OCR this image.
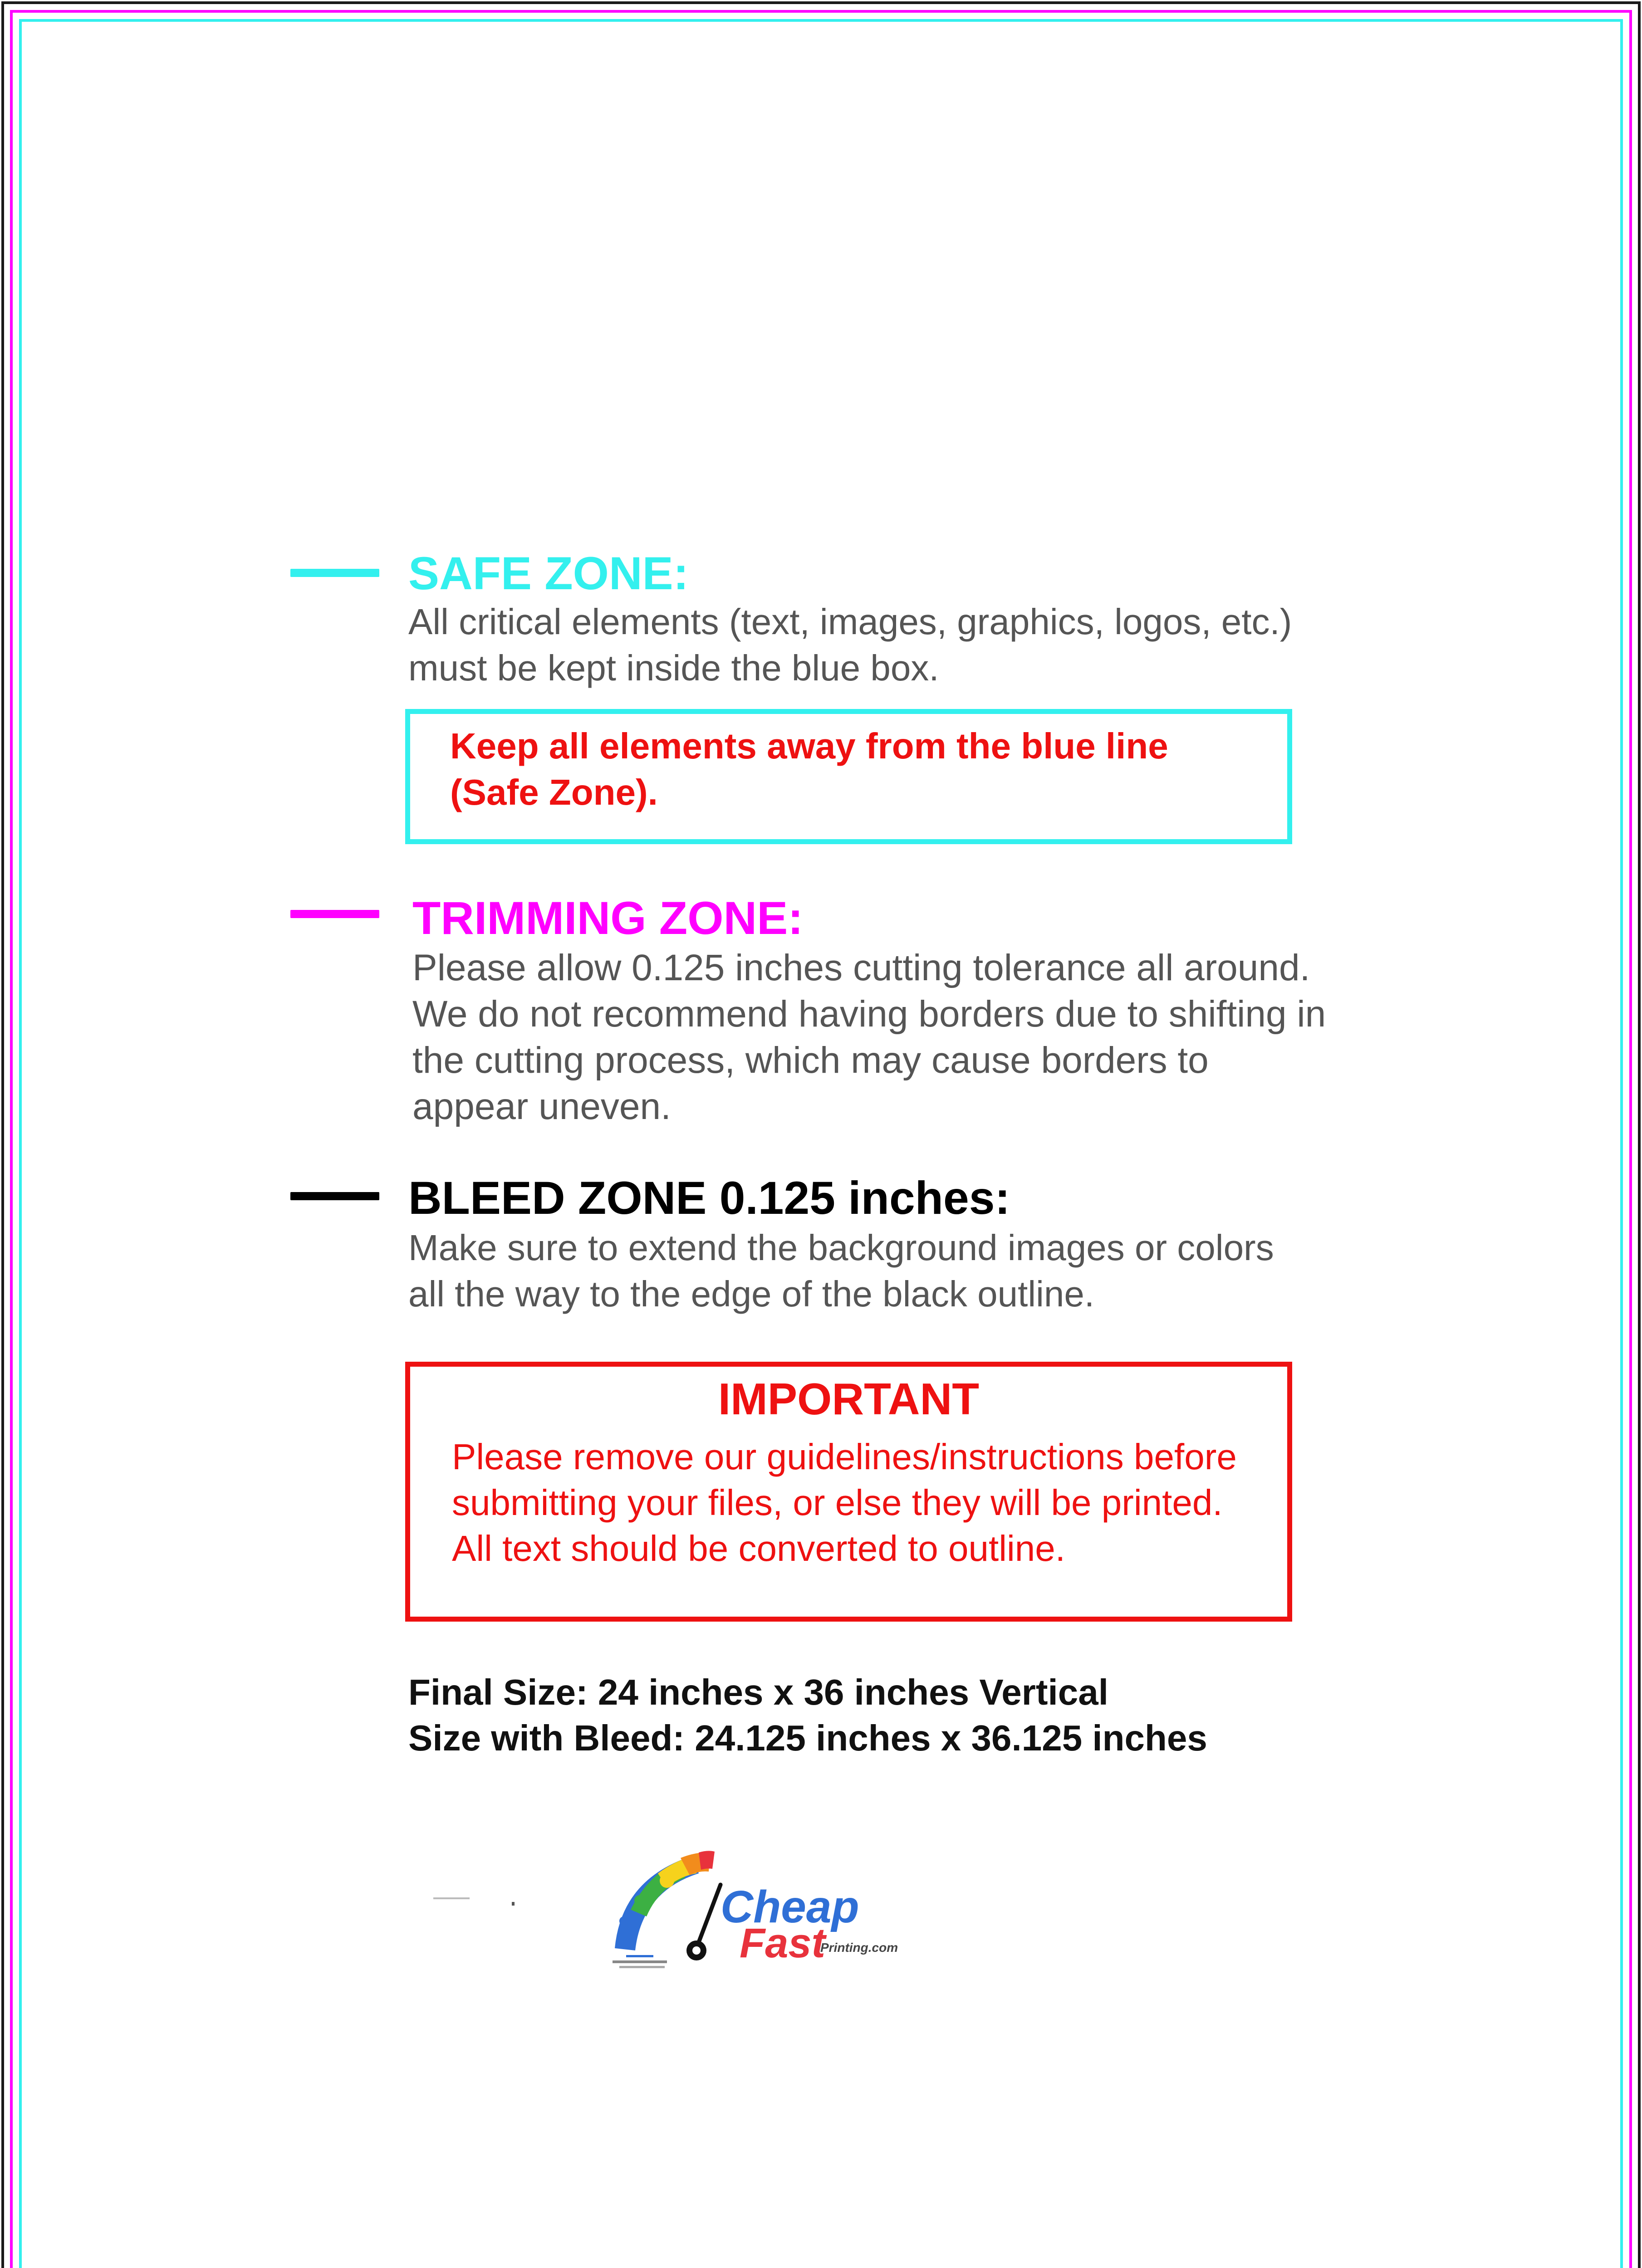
SAFE ZONE:
All critical elements (text, images, graphics, logos, etc.)
must be kept inside the blue box.
Keep all elements away from the blue line
(Safe Zone).
TRIMMING ZONE:
Please allow 0.125 inches cutting tolerance all around.
We do not recommend having borders due to shifting in
the cutting process, which may cause borders to
appear uneven.
BLEED ZONE 0.125 inches:
Make sure to extend the background images or colors
all the way to the edge of the black outline.
IMPORTANT
Please remove our guidelines/instructions before
submitting your files, or else they will be printed.
All text should be converted to outline.
Final Size: 24 inches x 36 inches Vertical
Size with Bleed: 24.125 inches x 36.125 inches
Cheap
Fast
Printing.com
